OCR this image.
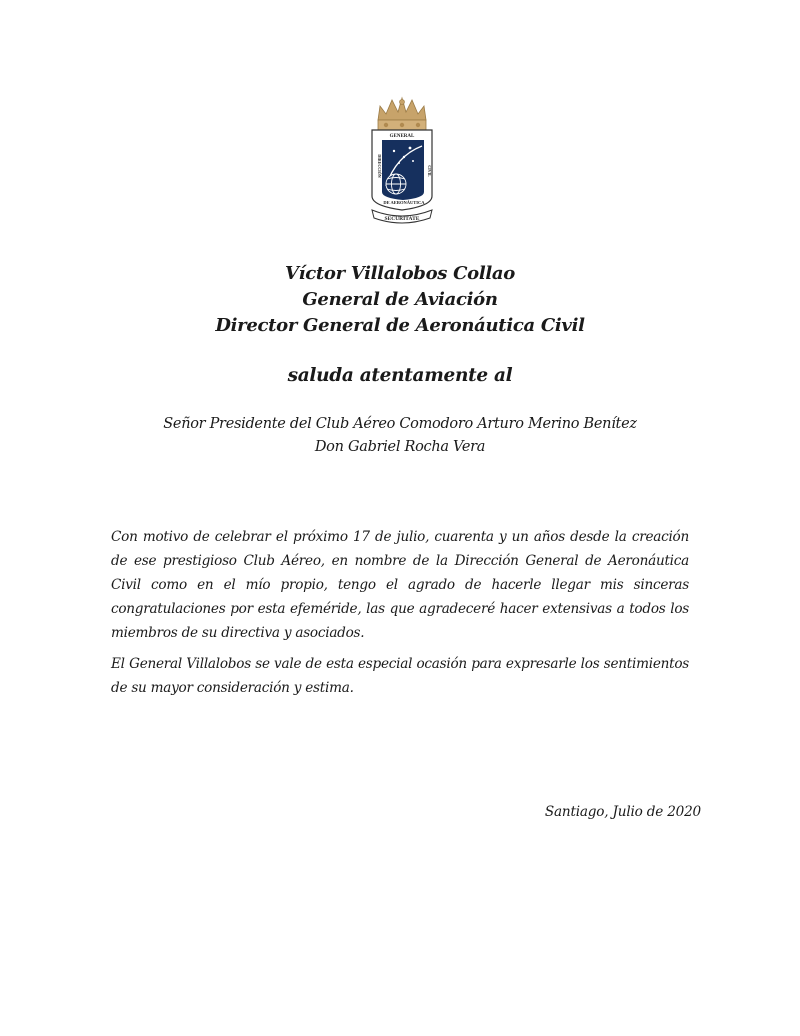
GENERAL
DIRECCIÓN	CIVIL
DE AERONÁUTICA
SECURITATE
Víctor Villalobos Collao
General de Aviación
Director General de Aeronáutica Civil
saluda atentamente al
Señor Presidente del Club Aéreo Comodoro Arturo Merino Benítez
Don Gabriel Rocha Vera

Con motivo de celebrar el próximo 17 de julio, cuarenta y un años desde la creación de ese prestigioso Club Aéreo, en nombre de la Dirección General de Aeronáutica Civil como en el mío propio, tengo el agrado de hacerle llegar mis sinceras congratulaciones por esta efeméride, las que agradeceré hacer extensivas a todos los miembros de su directiva y asociados.

El General Villalobos se vale de esta especial ocasión para expresarle los sentimientos de su mayor consideración y estima.

Santiago, Julio de 2020
